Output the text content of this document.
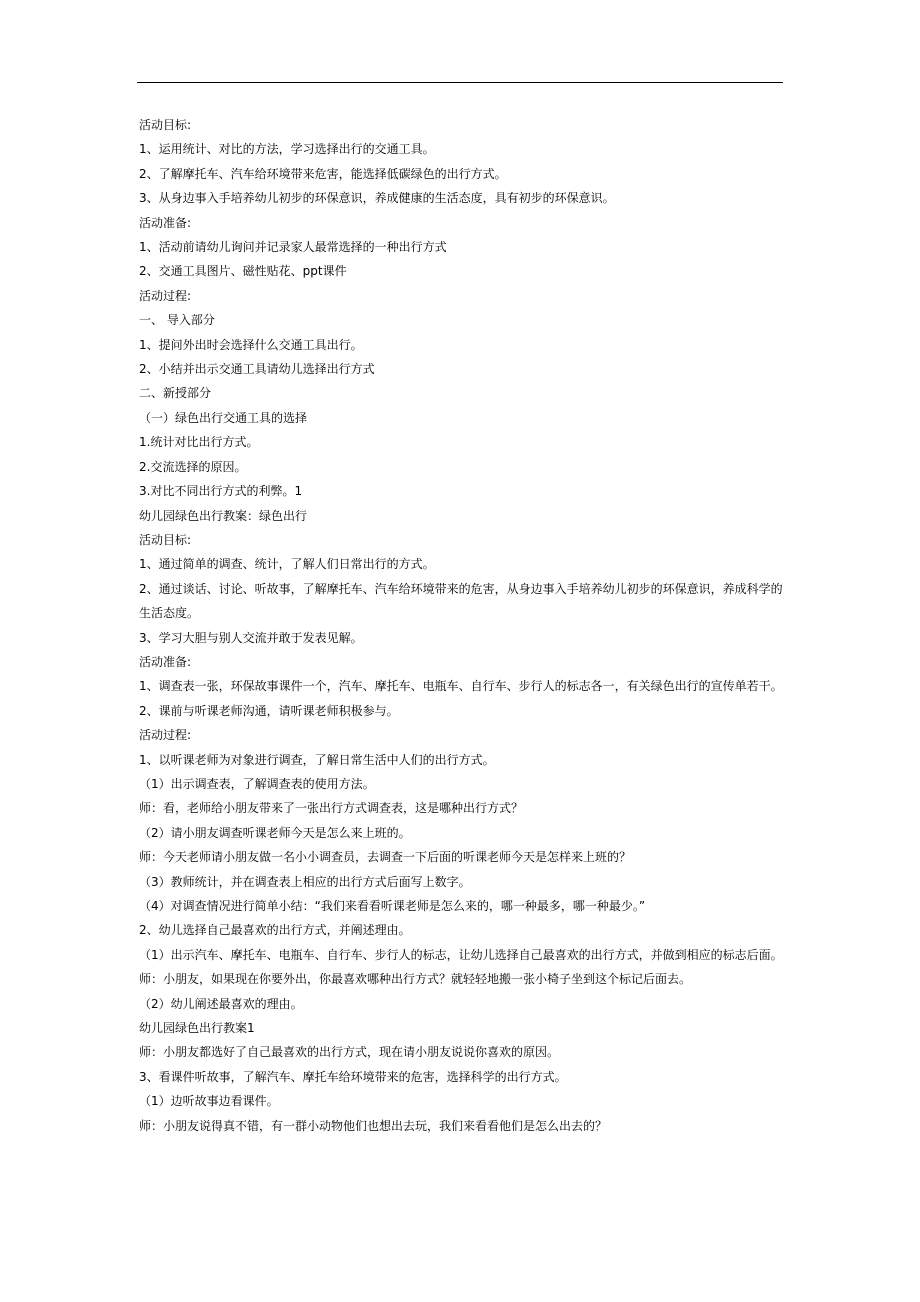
活动目标:

1、运用统计、对比的方法，学习选择出行的交通工具。

2、了解摩托车、汽车给环境带来危害，能选择低碳绿色的出行方式。

3、从身边事入手培养幼儿初步的环保意识，养成健康的生活态度，具有初步的环保意识。

活动准备:

1、活动前请幼儿询问并记录家人最常选择的一种出行方式

2、交通工具图片、磁性贴花、ppt课件

活动过程:

一、 导入部分

1、提问外出时会选择什么交通工具出行。

2、小结并出示交通工具请幼儿选择出行方式

二、新授部分

（一）绿色出行交通工具的选择

1.统计对比出行方式。

2.交流选择的原因。

3.对比不同出行方式的利弊。1

幼儿园绿色出行教案：绿色出行

活动目标:

1、通过简单的调查、统计，了解人们日常出行的方式。

2、通过谈话、讨论、听故事，了解摩托车、汽车给环境带来的危害，从身边事入手培养幼儿初步的环保意识，养成科学的生活态度。

3、学习大胆与别人交流并敢于发表见解。

活动准备:

1、调查表一张，环保故事课件一个，汽车、摩托车、电瓶车、自行车、步行人的标志各一，有关绿色出行的宣传单若干。

2、课前与听课老师沟通，请听课老师积极参与。

活动过程:

1、以听课老师为对象进行调查，了解日常生活中人们的出行方式。

（1）出示调查表，了解调查表的使用方法。

师：看，老师给小朋友带来了一张出行方式调查表，这是哪种出行方式？

（2）请小朋友调查听课老师今天是怎么来上班的。

师：今天老师请小朋友做一名小小调查员，去调查一下后面的听课老师今天是怎样来上班的？

（3）教师统计，并在调查表上相应的出行方式后面写上数字。

（4）对调查情况进行简单小结：“我们来看看听课老师是怎么来的，哪一种最多，哪一种最少。”

2、幼儿选择自己最喜欢的出行方式，并阐述理由。

（1）出示汽车、摩托车、电瓶车、自行车、步行人的标志，让幼儿选择自己最喜欢的出行方式，并做到相应的标志后面。

师：小朋友，如果现在你要外出，你最喜欢哪种出行方式？就轻轻地搬一张小椅子坐到这个标记后面去。

（2）幼儿阐述最喜欢的理由。

幼儿园绿色出行教案1

师：小朋友都选好了自己最喜欢的出行方式，现在请小朋友说说你喜欢的原因。

3、看课件听故事，了解汽车、摩托车给环境带来的危害，选择科学的出行方式。

（1）边听故事边看课件。

师：小朋友说得真不错，有一群小动物他们也想出去玩，我们来看看他们是怎么出去的？
